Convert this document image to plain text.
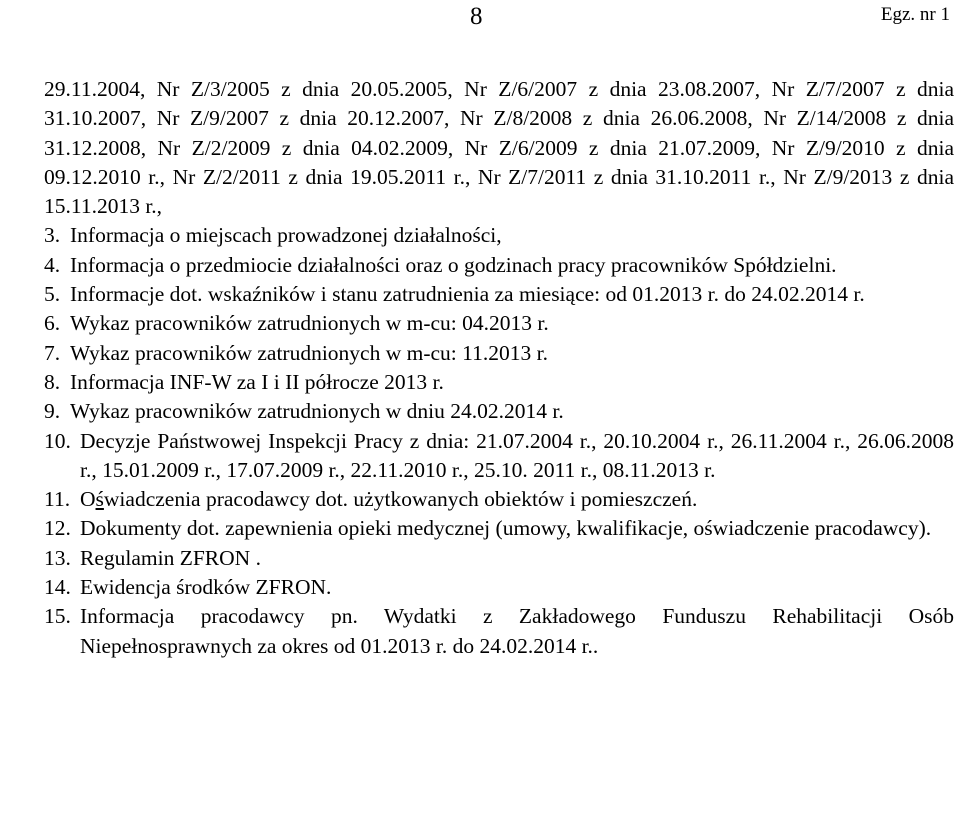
8	Egz. nr 1

29.11.2004, Nr Z/3/2005 z dnia 20.05.2005, Nr Z/6/2007 z dnia 23.08.2007, Nr Z/7/2007 z dnia 31.10.2007, Nr Z/9/2007 z dnia 20.12.2007, Nr Z/8/2008 z dnia 26.06.2008, Nr Z/14/2008 z dnia 31.12.2008, Nr Z/2/2009 z dnia 04.02.2009, Nr Z/6/2009 z dnia 21.07.2009, Nr Z/9/2010 z dnia 09.12.2010 r., Nr Z/2/2011 z dnia 19.05.2011 r., Nr Z/7/2011 z dnia 31.10.2011 r., Nr Z/9/2013 z dnia 15.11.2013 r.,

3. Informacja o miejscach prowadzonej działalności,
4. Informacja o przedmiocie działalności oraz o godzinach pracy pracowników Spółdzielni.
5. Informacje dot. wskaźników i stanu zatrudnienia za miesiące: od 01.2013 r. do 24.02.2014 r.
6. Wykaz pracowników zatrudnionych w m-cu: 04.2013 r.
7. Wykaz pracowników zatrudnionych w m-cu: 11.2013 r.
8. Informacja INF-W za I i II półrocze 2013 r.
9. Wykaz pracowników zatrudnionych w dniu 24.02.2014 r.
10. Decyzje Państwowej Inspekcji Pracy z dnia: 21.07.2004 r., 20.10.2004 r., 26.11.2004 r., 26.06.2008 r., 15.01.2009 r., 17.07.2009 r., 22.11.2010 r., 25.10. 2011 r., 08.11.2013 r.
11. Oświadczenia pracodawcy dot. użytkowanych obiektów i pomieszczeń.
12. Dokumenty dot. zapewnienia opieki medycznej (umowy, kwalifikacje, oświadczenie pracodawcy).
13. Regulamin ZFRON .
14. Ewidencja środków ZFRON.
15. Informacja pracodawcy pn. Wydatki z Zakładowego Funduszu Rehabilitacji Osób Niepełnosprawnych za okres od 01.2013 r. do 24.02.2014 r..
